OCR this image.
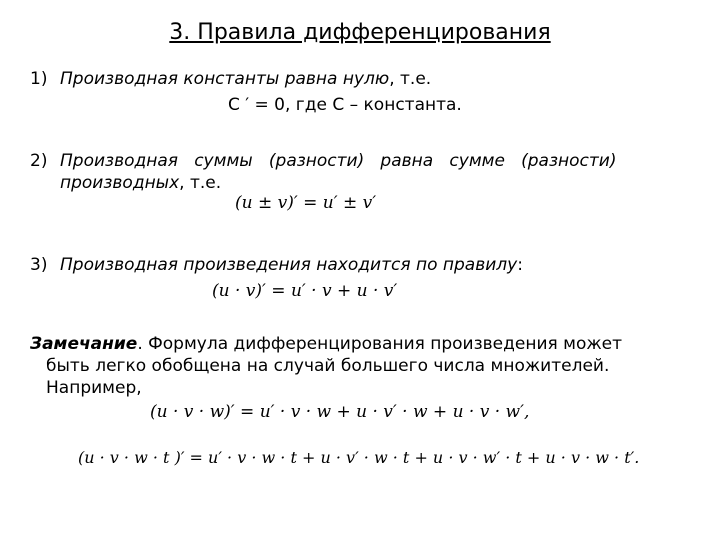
3. Правила дифференцирования
1) Производная константы равна нулю, т.е.
C ′ = 0, где C – константа.
2) Производная   суммы   (разности)   равна   сумме   (разности)
производных, т.е.
(u ± v)′ = u′ ± v′
3) Производная произведения находится по правилу:
(u · v)′ = u′ · v + u · v′
Замечание. Формула дифференцирования произведения может
быть легко обобщена на случай большего числа множителей.
Например,
(u · v · w)′ = u′ · v · w + u · v′ · w + u · v · w′,
(u · v · w · t )′ = u′ · v · w · t + u · v′ · w · t + u · v · w′ · t + u · v · w · t′.
